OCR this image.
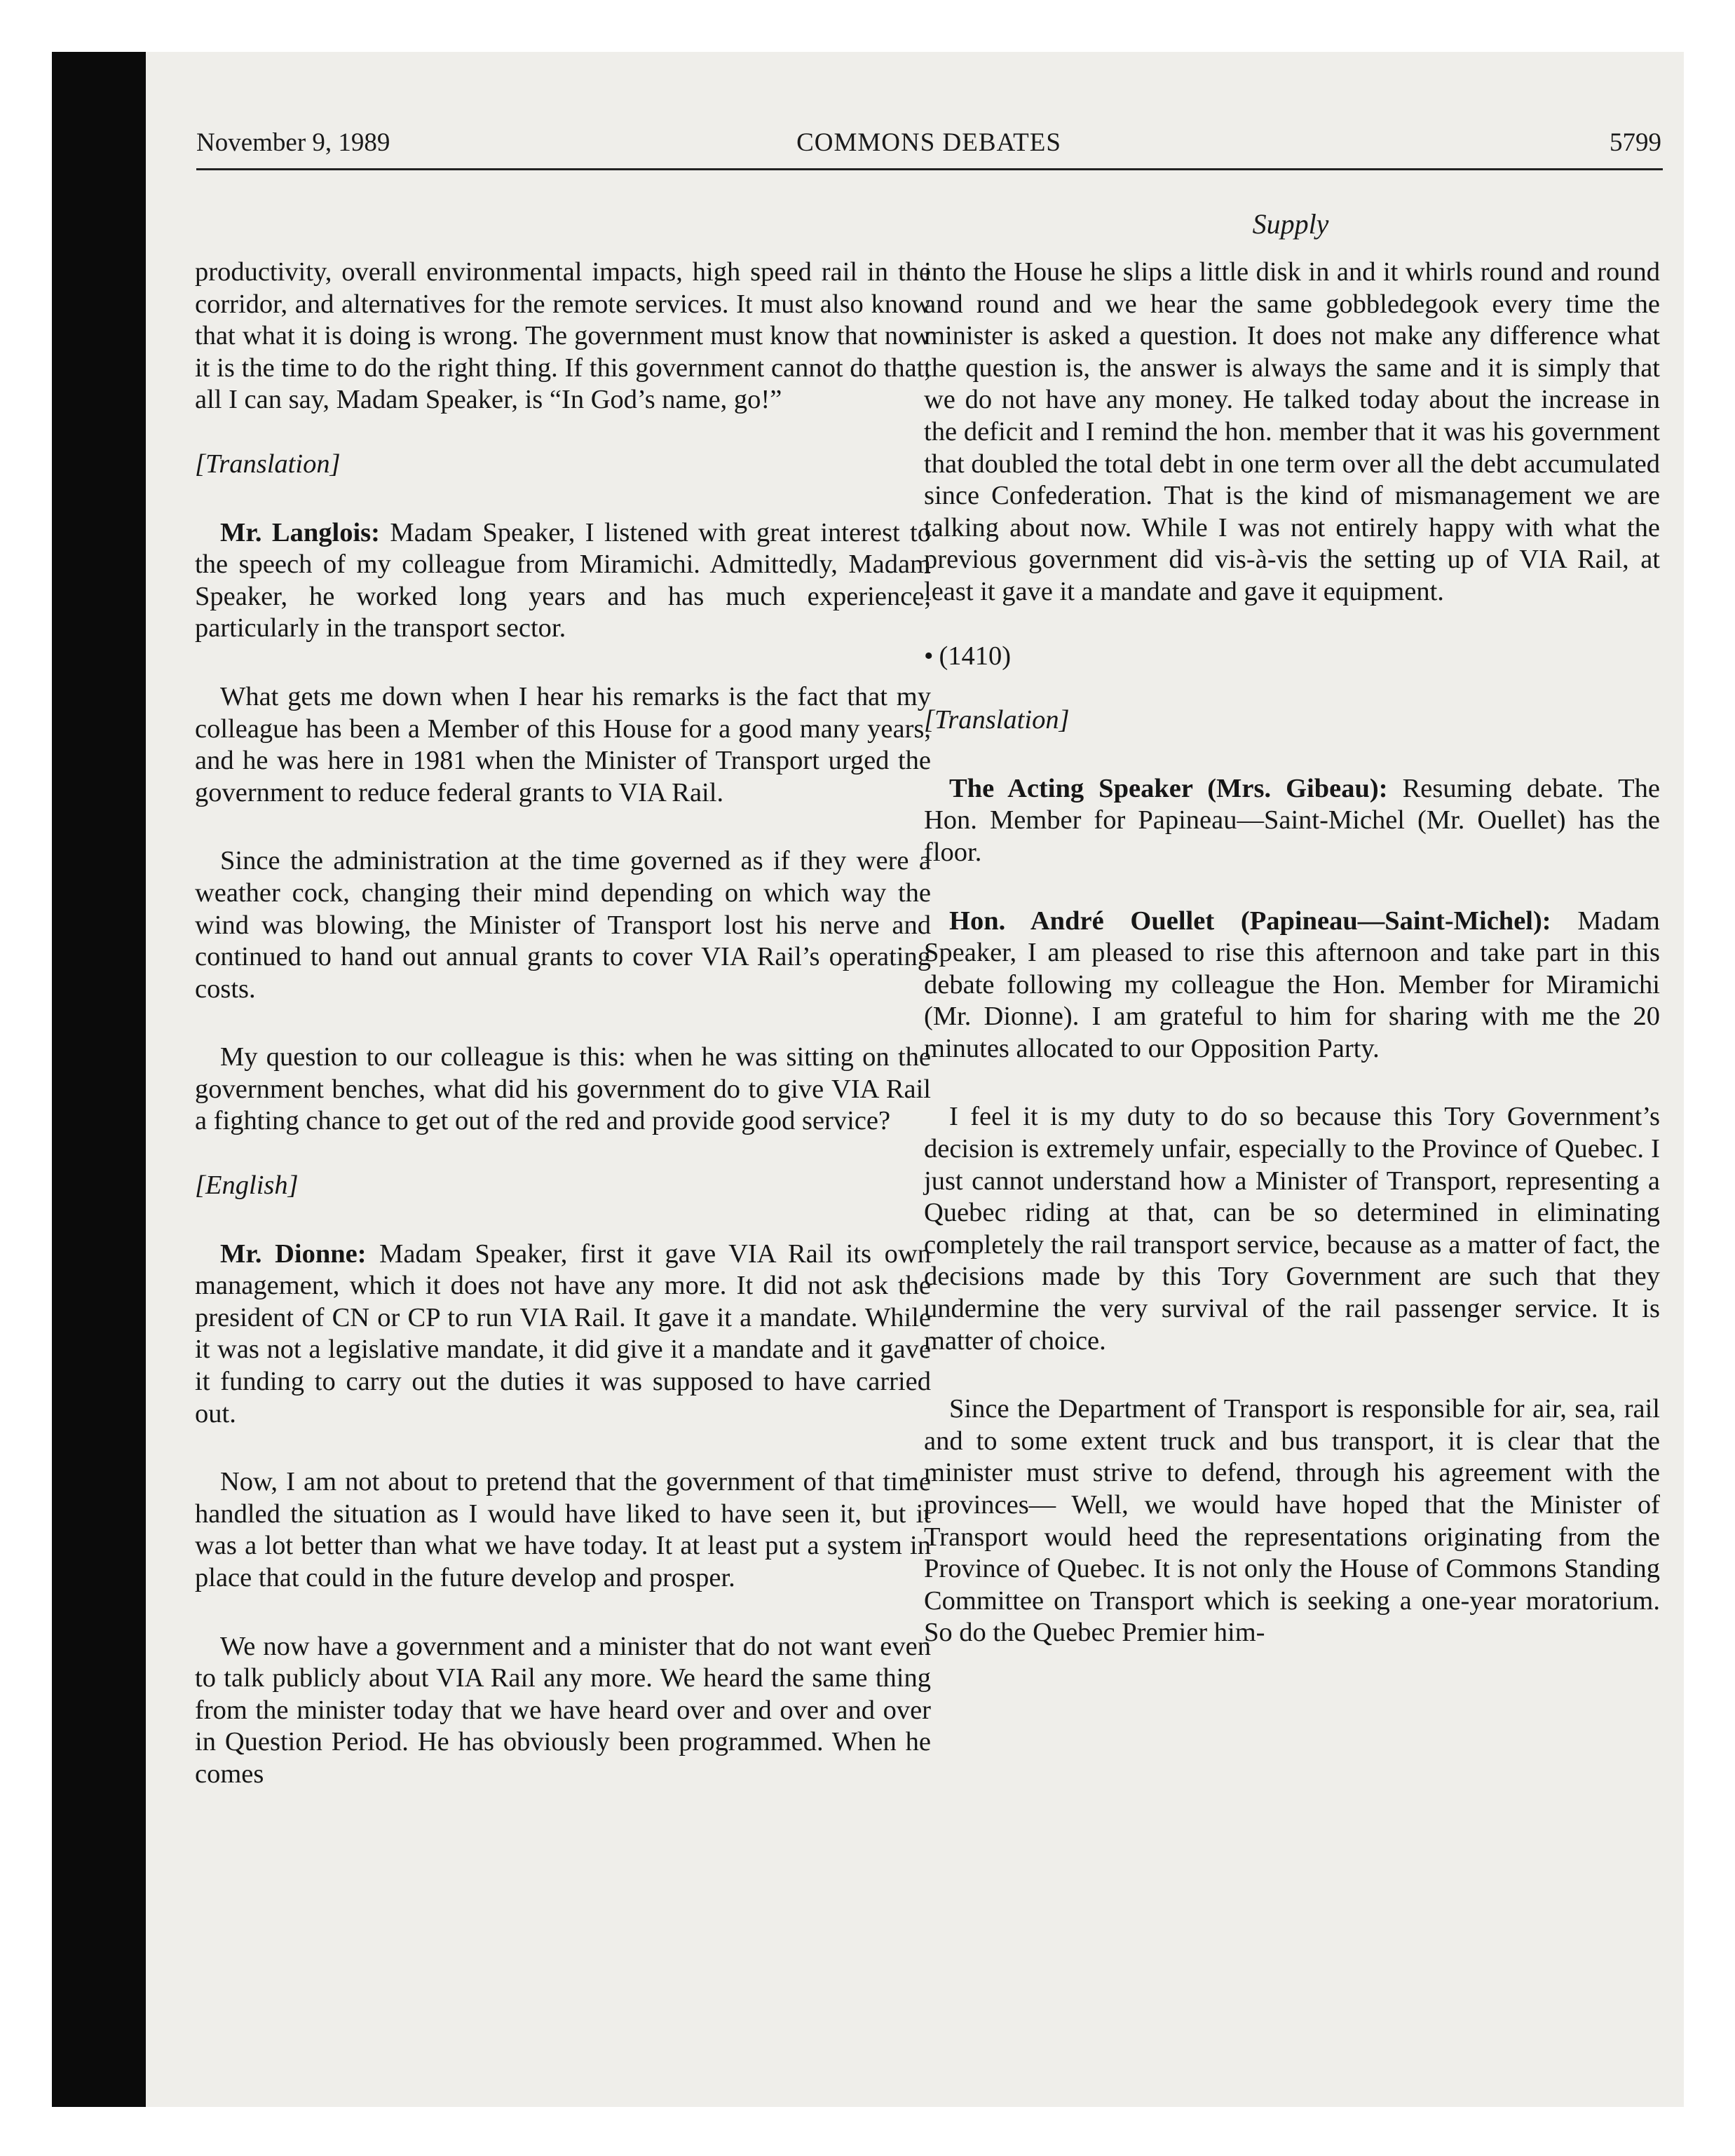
November 9, 1989	COMMONS DEBATES	5799
Supply

productivity, overall environmental impacts, high speed rail in the corridor, and alternatives for the remote services. It must also know that what it is doing is wrong. The government must know that now it is the time to do the right thing. If this government cannot do that, all I can say, Madam Speaker, is “In God’s name, go!”

[Translation]

Mr. Langlois: Madam Speaker, I listened with great interest to the speech of my colleague from Miramichi. Admittedly, Madam Speaker, he worked long years and has much experience, particularly in the transport sector.

What gets me down when I hear his remarks is the fact that my colleague has been a Member of this House for a good many years, and he was here in 1981 when the Minister of Transport urged the government to reduce federal grants to VIA Rail.

Since the administration at the time governed as if they were a weather cock, changing their mind depending on which way the wind was blowing, the Minister of Transport lost his nerve and continued to hand out annual grants to cover VIA Rail’s operating costs.

My question to our colleague is this: when he was sitting on the government benches, what did his government do to give VIA Rail a fighting chance to get out of the red and provide good service?

[English]

Mr. Dionne: Madam Speaker, first it gave VIA Rail its own management, which it does not have any more. It did not ask the president of CN or CP to run VIA Rail. It gave it a mandate. While it was not a legislative mandate, it did give it a mandate and it gave it funding to carry out the duties it was supposed to have carried out.

Now, I am not about to pretend that the government of that time handled the situation as I would have liked to have seen it, but it was a lot better than what we have today. It at least put a system in place that could in the future develop and prosper.

We now have a government and a minister that do not want even to talk publicly about VIA Rail any more. We heard the same thing from the minister today that we have heard over and over and over in Question Period. He has obviously been programmed. When he comes

into the House he slips a little disk in and it whirls round and round and round and we hear the same gobbledegook every time the minister is asked a question. It does not make any difference what the question is, the answer is always the same and it is simply that we do not have any money. He talked today about the increase in the deficit and I remind the hon. member that it was his government that doubled the total debt in one term over all the debt accumulated since Confederation. That is the kind of mismanagement we are talking about now. While I was not entirely happy with what the previous government did vis-à-vis the setting up of VIA Rail, at least it gave it a mandate and gave it equipment.

• (1410)

[Translation]

The Acting Speaker (Mrs. Gibeau): Resuming debate. The Hon. Member for Papineau—Saint-Michel (Mr. Ouellet) has the floor.

Hon. André Ouellet (Papineau—Saint-Michel): Madam Speaker, I am pleased to rise this afternoon and take part in this debate following my colleague the Hon. Member for Miramichi (Mr. Dionne). I am grateful to him for sharing with me the 20 minutes allocated to our Opposition Party.

I feel it is my duty to do so because this Tory Government’s decision is extremely unfair, especially to the Province of Quebec. I just cannot understand how a Minister of Transport, representing a Quebec riding at that, can be so determined in eliminating completely the rail transport service, because as a matter of fact, the decisions made by this Tory Government are such that they undermine the very survival of the rail passenger service. It is matter of choice.

Since the Department of Transport is responsible for air, sea, rail and to some extent truck and bus transport, it is clear that the minister must strive to defend, through his agreement with the provinces— Well, we would have hoped that the Minister of Transport would heed the representations originating from the Province of Quebec. It is not only the House of Commons Standing Committee on Transport which is seeking a one-year moratorium. So do the Quebec Premier him-
